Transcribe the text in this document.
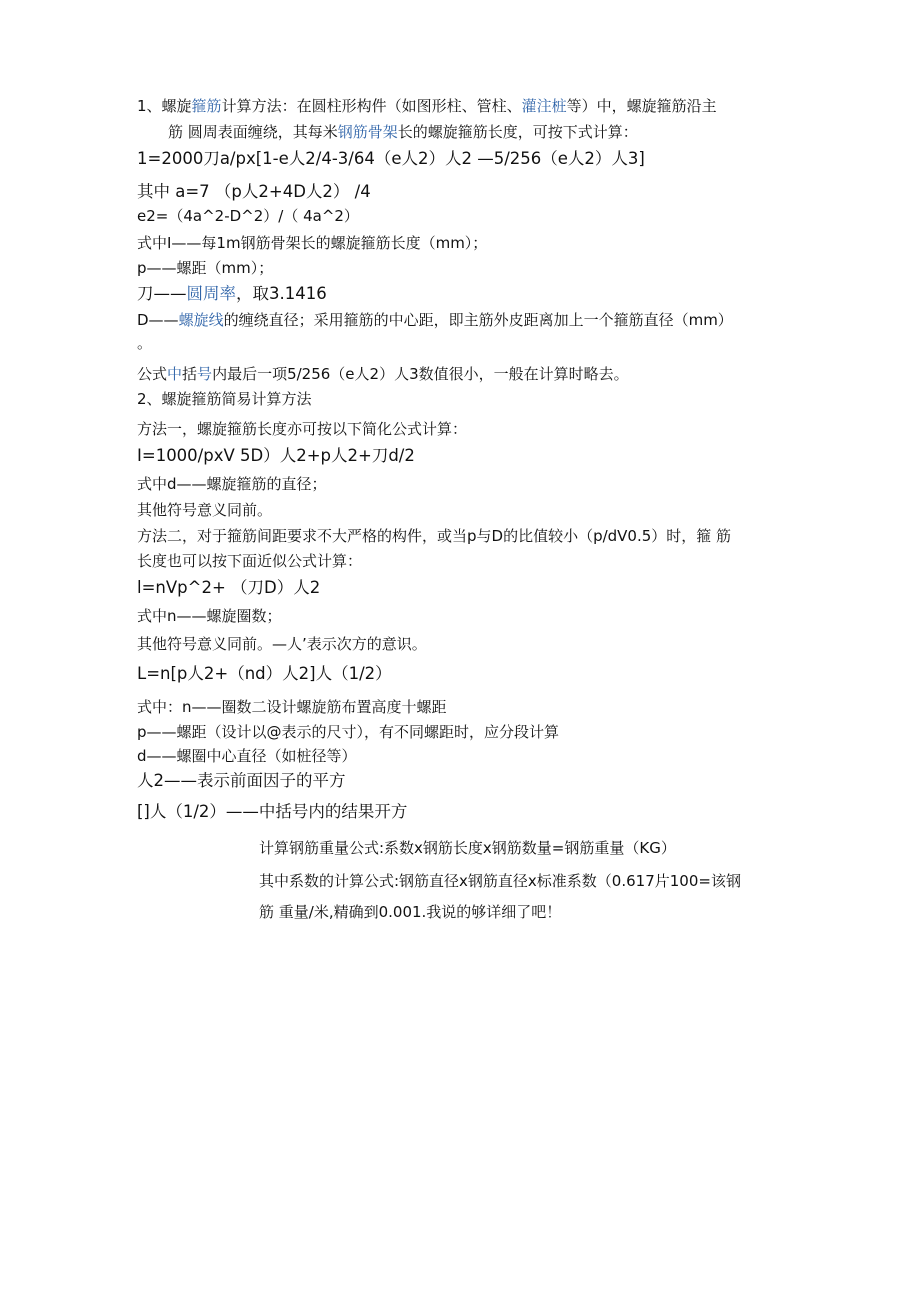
1、螺旋箍筋计算方法：在圆柱形构件（如图形柱、管柱、灌注桩等）中，螺旋箍筋沿主
筋 圆周表面缠绕，其每米钢筋骨架长的螺旋箍筋长度，可按下式计算：
1=2000刀a/px[1-e人2/4-3/64（e人2）人2 —5/256（e人2）人3]
其中 a=7 （p人2+4D人2） /4
e2=（4a^2-D^2）/（ 4a^2）
式中I——每1m钢筋骨架长的螺旋箍筋长度（mm）；
p——螺距（mm）；
刀——圆周率，取3.1416
D——螺旋线的缠绕直径；采用箍筋的中心距，即主筋外皮距离加上一个箍筋直径（mm）
。
公式中括号内最后一项5/256（e人2）人3数值很小，一般在计算时略去。
2、螺旋箍筋简易计算方法
方法一，螺旋箍筋长度亦可按以下简化公式计算：
I=1000/pxV 5D）人2+p人2+刀d/2
式中d——螺旋箍筋的直径；
其他符号意义同前。
方法二，对于箍筋间距要求不大严格的构件，或当p与D的比值较小（p/dV0.5）时，箍 筋
长度也可以按下面近似公式计算：
l=nVp^2+ （刀D）人2
式中n——螺旋圈数；
其他符号意义同前。—人’表示次方的意识。
L=n[p人2+（nd）人2]人（1/2）
式中：n——圈数二设计螺旋筋布置高度十螺距
p——螺距（设计以@表示的尺寸），有不同螺距时，应分段计算
d——螺圈中心直径（如桩径等）
人2——表示前面因子的平方
[]人（1/2）——中括号内的结果开方
计算钢筋重量公式:系数x钢筋长度x钢筋数量=钢筋重量（KG）
其中系数的计算公式:钢筋直径x钢筋直径x标准系数（0.617片100=该钢
筋 重量/米,精确到0.001.我说的够详细了吧！
